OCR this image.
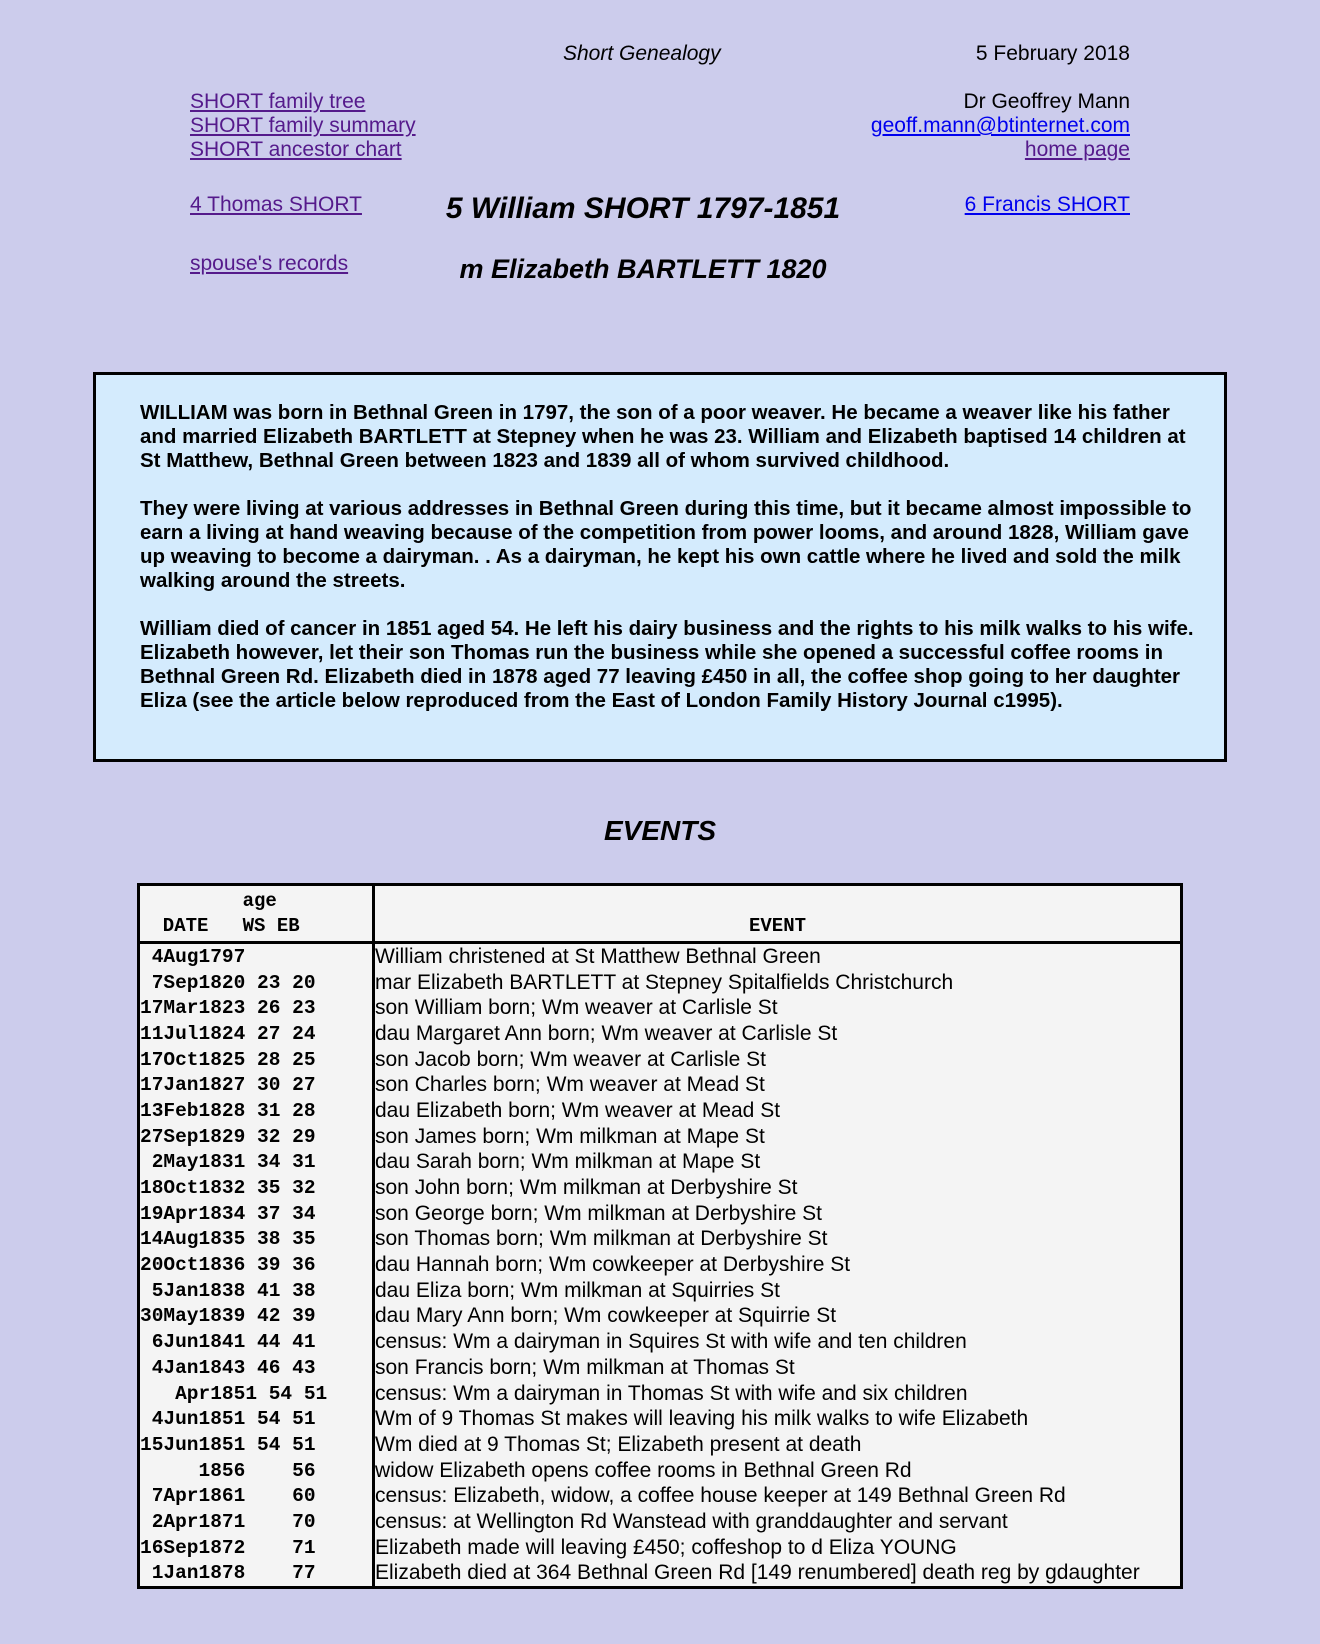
Short Genealogy	5 February 2018
SHORT family tree
SHORT family summary
SHORT ancestor chart
Dr Geoffrey Mann
geoff.mann@btinternet.com
home page
4 Thomas SHORT	6 Francis SHORT
spouse's records
5 William SHORT 1797-1851
m Elizabeth BARTLETT 1820

WILLIAM was born in Bethnal Green in 1797, the son of a poor weaver. He became a weaver like his father and married Elizabeth BARTLETT at Stepney when he was 23. William and Elizabeth baptised 14 children at St Matthew, Bethnal Green between 1823 and 1839 all of whom survived childhood.

They were living at various addresses in Bethnal Green during this time, but it became almost impossible to earn a living at hand weaving because of the competition from power looms, and around 1828, William gave up weaving to become a dairyman. . As a dairyman, he kept his own cattle where he lived and sold the milk walking around the streets.

William died of cancer in 1851 aged 54. He left his dairy business and the rights to his milk walks to his wife. Elizabeth however, let their son Thomas run the business while she opened a successful coffee rooms in Bethnal Green Rd. Elizabeth died in 1878 aged 77 leaving £450 in all, the coffee shop going to her daughter Eliza (see the article below reproduced from the East of London Family History Journal c1995).

EVENTS
age
DATE   WS EB	EVENT
4Aug1797	William christened at St Matthew Bethnal Green
7Sep1820 23 20	mar Elizabeth BARTLETT at Stepney Spitalfields Christchurch
17Mar1823 26 23	son William born; Wm weaver at Carlisle St
11Jul1824 27 24	dau Margaret Ann born; Wm weaver at Carlisle St
17Oct1825 28 25	son Jacob born; Wm weaver at Carlisle St
17Jan1827 30 27	son Charles born; Wm weaver at Mead St
13Feb1828 31 28	dau Elizabeth born; Wm weaver at Mead St
27Sep1829 32 29	son James born; Wm milkman at Mape St
2May1831 34 31	dau Sarah born; Wm milkman at Mape St
18Oct1832 35 32	son John born; Wm milkman at Derbyshire St
19Apr1834 37 34	son George born; Wm milkman at Derbyshire St
14Aug1835 38 35	son Thomas born; Wm milkman at Derbyshire St
20Oct1836 39 36	dau Hannah born; Wm cowkeeper at Derbyshire St
5Jan1838 41 38	dau Eliza born; Wm milkman at Squirries St
30May1839 42 39	dau Mary Ann born; Wm cowkeeper at Squirrie St
6Jun1841 44 41	census: Wm a dairyman in Squires St with wife and ten children
4Jan1843 46 43	son Francis born; Wm milkman at Thomas St
Apr1851 54 51	census: Wm a dairyman in Thomas St with wife and six children
4Jun1851 54 51	Wm of 9 Thomas St makes will leaving his milk walks to wife Elizabeth
15Jun1851 54 51	Wm died at 9 Thomas St; Elizabeth present at death
1856    56	widow Elizabeth opens coffee rooms in Bethnal Green Rd
7Apr1861    60	census: Elizabeth, widow, a coffee house keeper at 149 Bethnal Green Rd
2Apr1871    70	census: at Wellington Rd Wanstead with granddaughter and servant
16Sep1872    71	Elizabeth made will leaving £450; coffeshop to d Eliza YOUNG
1Jan1878    77	Elizabeth died at 364 Bethnal Green Rd [149 renumbered] death reg by gdaughter
